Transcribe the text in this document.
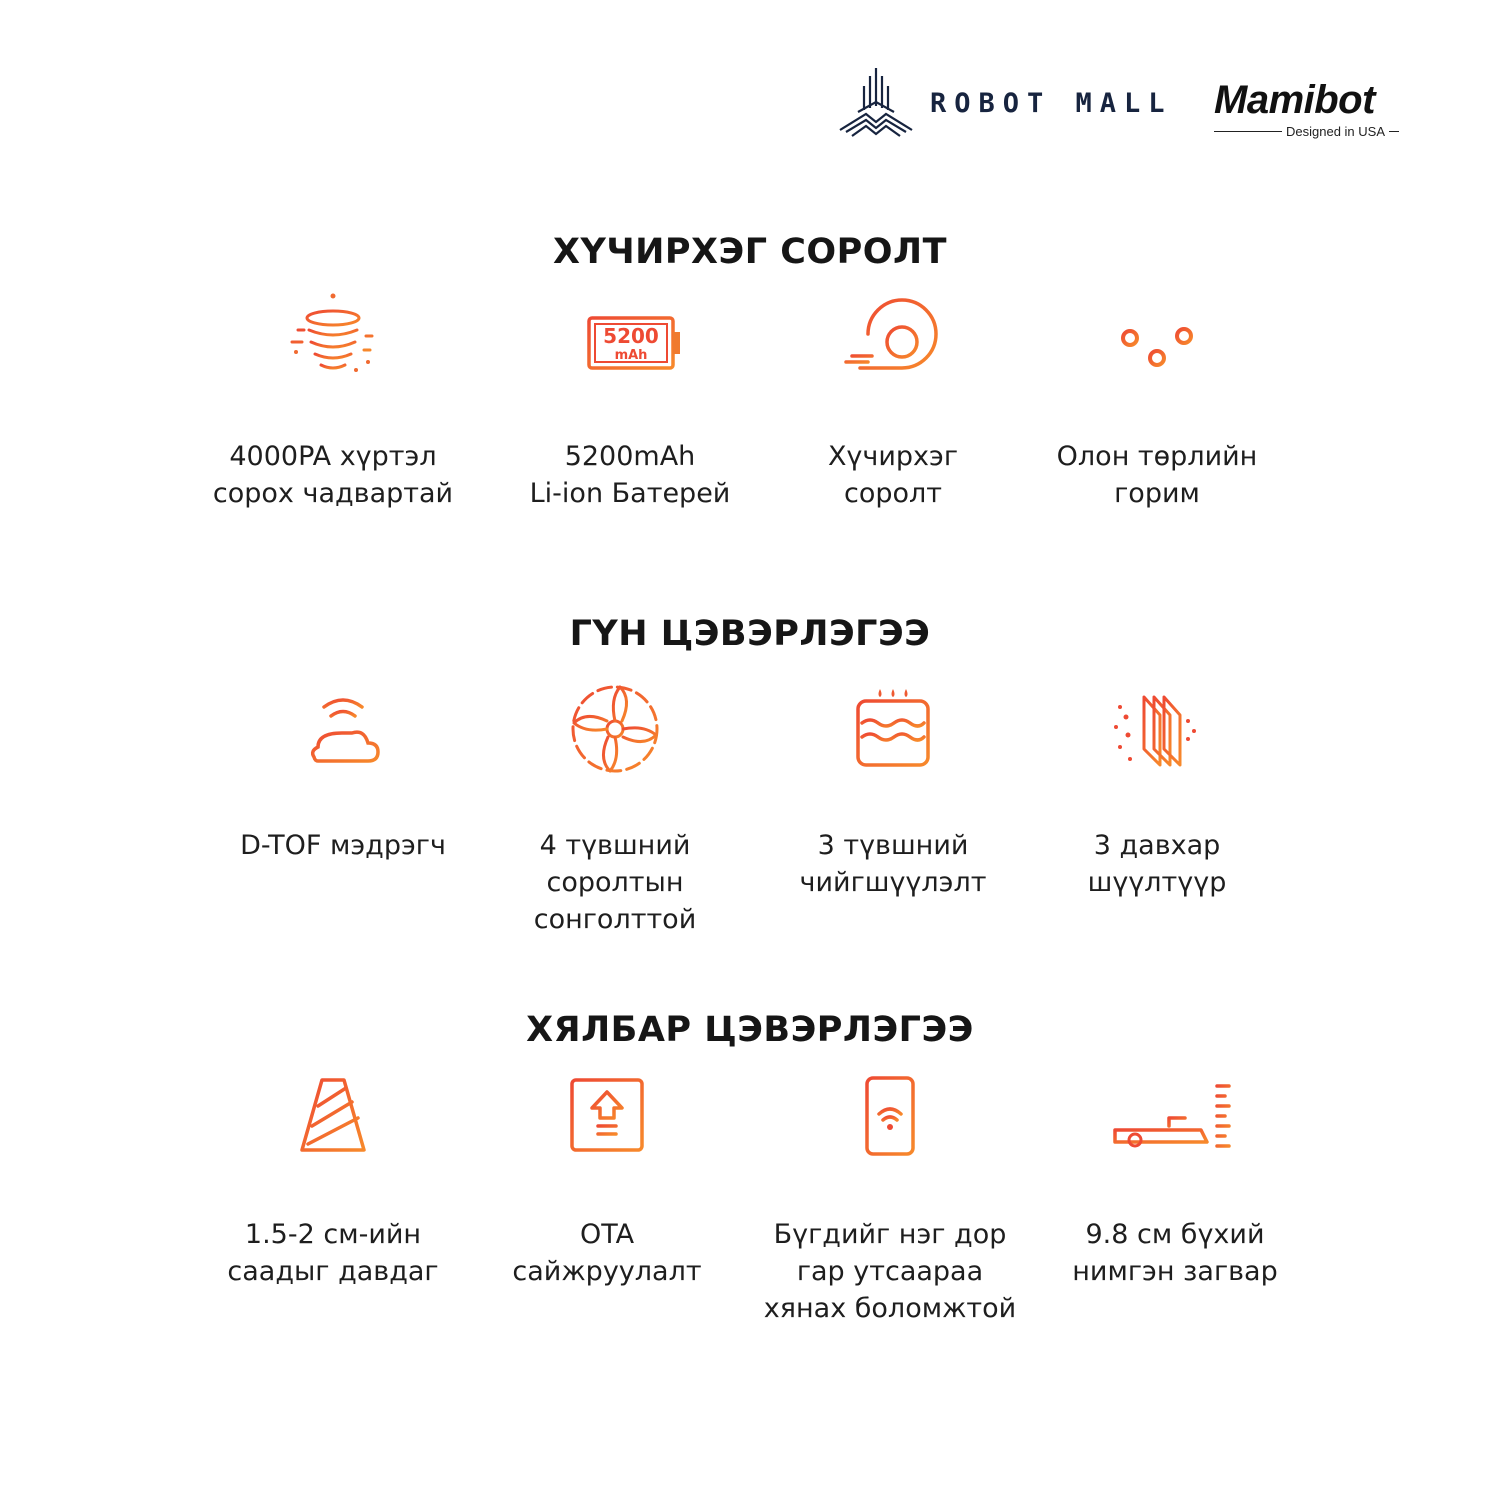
ROBOT MALL Mamibot
Designed in USA
ХҮЧИРХЭГ СОРОЛТ
4000PA хүртэл
сорох чадвартай
5200
mAh
5200mAh
Li-ion Батерей
Хүчирхэг
соролт
Олон төрлийн
горим
ГҮН ЦЭВЭРЛЭГЭЭ
D-TOF мэдрэгч	4 түвшний
соролтын
сонголттой
3 түвшний
чийгшүүлэлт
3 давхар
шүүлтүүр
ХЯЛБАР ЦЭВЭРЛЭГЭЭ
1.5-2 см-ийн
саадыг давдаг
OTA
сайжруулалт
Бүгдийг нэг дор
гар утсаараа
хянах боломжтой
9.8 см бүхий
нимгэн загвар
